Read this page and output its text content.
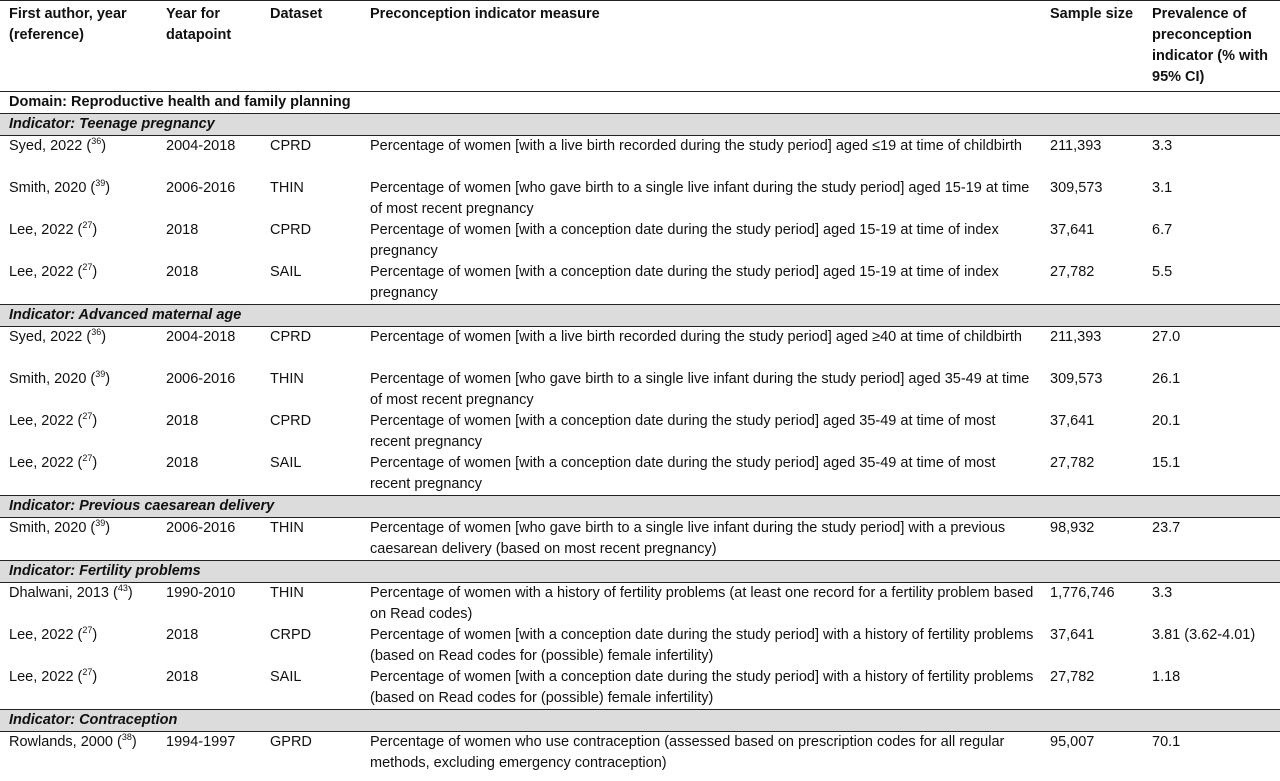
First author, year (reference)	Year for datapoint	Dataset	Preconception indicator measure	Sample size	Prevalence of preconception indicator (% with 95% CI)
Domain: Reproductive health and family planning					
Indicator: Teenage pregnancy					
Syed, 2022 ($^{36}$)	2004-2018	CPRD	Percentage of women [with a live birth recorded during the study period] aged ≤19 at time of childbirth	211,393	3.3
Smith, 2020 ($^{39}$)	2006-2016	THIN	Percentage of women [who gave birth to a single live infant during the study period] aged 15-19 at time of most recent pregnancy	309,573	3.1
Lee, 2022 ($^{27}$)	2018	CPRD	Percentage of women [with a conception date during the study period] aged 15-19 at time of index pregnancy	37,641	6.7
Lee, 2022 ($^{27}$)	2018	SAIL	Percentage of women [with a conception date during the study period] aged 15-19 at time of index pregnancy	27,782	5.5
Indicator: Advanced maternal age					
Syed, 2022 ($^{36}$)	2004-2018	CPRD	Percentage of women [with a live birth recorded during the study period] aged ≥40 at time of childbirth	211,393	27.0
Smith, 2020 ($^{39}$)	2006-2016	THIN	Percentage of women [who gave birth to a single live infant during the study period] aged 35-49 at time of most recent pregnancy	309,573	26.1
Lee, 2022 ($^{27}$)	2018	CPRD	Percentage of women [with a conception date during the study period] aged 35-49 at time of most recent pregnancy	37,641	20.1
Lee, 2022 ($^{27}$)	2018	SAIL	Percentage of women [with a conception date during the study period] aged 35-49 at time of most recent pregnancy	27,782	15.1
Indicator: Previous caesarean delivery					
Smith, 2020 ($^{39}$)	2006-2016	THIN	Percentage of women [who gave birth to a single live infant during the study period] with a previous caesarean delivery (based on most recent pregnancy)	98,932	23.7
Indicator: Fertility problems					
Dhalwani, 2013 ($^{43}$)	1990-2010	THIN	Percentage of women with a history of fertility problems (at least one record for a fertility problem based on Read codes)	1,776,746	3.3
Lee, 2022 ($^{27}$)	2018	CRPD	Percentage of women [with a conception date during the study period] with a history of fertility problems (based on Read codes for (possible) female infertility)	37,641	3.81 (3.62-4.01)
Lee, 2022 ($^{27}$)	2018	SAIL	Percentage of women [with a conception date during the study period] with a history of fertility problems (based on Read codes for (possible) female infertility)	27,782	1.18
Indicator: Contraception					
Rowlands, 2000 ($^{38}$)	1994-1997	GPRD	Percentage of women who use contraception (assessed based on prescription codes for all regular methods, excluding emergency contraception)	95,007	70.1
